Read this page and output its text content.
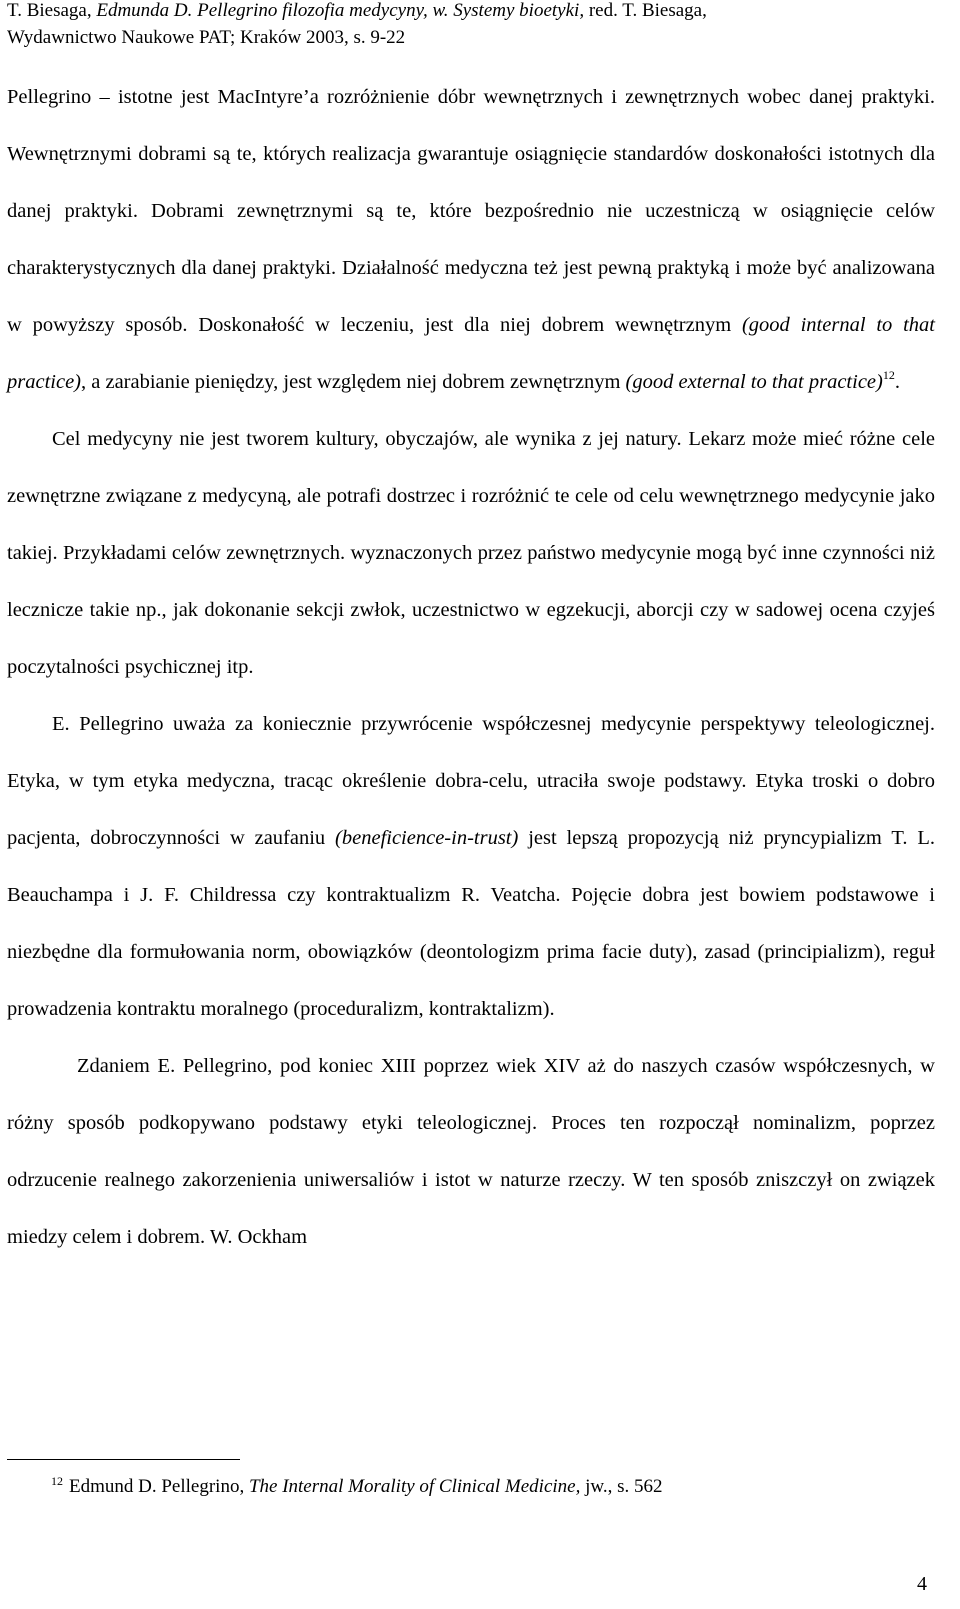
T. Biesaga, Edmunda D. Pellegrino filozofia medycyny, w. Systemy bioetyki, red. T. Biesaga,
Wydawnictwo Naukowe PAT; Kraków 2003, s. 9-22

Pellegrino – istotne jest MacIntyre’a rozróżnienie dóbr wewnętrznych i zewnętrznych wobec danej praktyki. Wewnętrznymi dobrami są te, których realizacja gwarantuje osiągnięcie standardów doskonałości istotnych dla danej praktyki. Dobrami zewnętrznymi są te, które bezpośrednio nie uczestniczą w osiągnięcie celów charakterystycznych dla danej praktyki. Działalność medyczna też jest pewną praktyką i może być analizowana w powyższy sposób. Doskonałość w leczeniu, jest dla niej dobrem wewnętrznym (good internal to that practice), a zarabianie pieniędzy, jest względem niej dobrem zewnętrznym (good external to that practice)$^{12}$.

Cel medycyny nie jest tworem kultury, obyczajów, ale wynika z jej natury. Lekarz może mieć różne cele zewnętrzne związane z medycyną, ale potrafi dostrzec i rozróżnić te cele od celu wewnętrznego medycynie jako takiej. Przykładami celów zewnętrznych. wyznaczonych przez państwo medycynie mogą być inne czynności niż lecznicze takie np., jak dokonanie sekcji zwłok, uczestnictwo w egzekucji, aborcji czy w sadowej ocena czyjeś poczytalności psychicznej itp.

E. Pellegrino uważa za koniecznie przywrócenie współczesnej medycynie perspektywy teleologicznej. Etyka, w tym etyka medyczna, tracąc określenie dobra-celu, utraciła swoje podstawy. Etyka troski o dobro pacjenta, dobroczynności w zaufaniu (beneficience-in-trust) jest lepszą propozycją niż pryncypializm T. L. Beauchampa i J. F. Childressa czy kontraktualizm R. Veatcha. Pojęcie dobra jest bowiem podstawowe i niezbędne dla formułowania norm, obowiązków (deontologizm prima facie duty), zasad (principializm), reguł prowadzenia kontraktu moralnego (proceduralizm, kontraktalizm).

Zdaniem E. Pellegrino, pod koniec XIII poprzez wiek XIV aż do naszych czasów współczesnych, w różny sposób podkopywano podstawy etyki teleologicznej. Proces ten rozpoczął nominalizm, poprzez odrzucenie realnego zakorzenienia uniwersaliów i istot w naturze rzeczy. W ten sposób zniszczył on związek miedzy celem i dobrem. W. Ockham

$^{12}$ Edmund D. Pellegrino, The Internal Morality of Clinical Medicine, jw., s. 562
4
